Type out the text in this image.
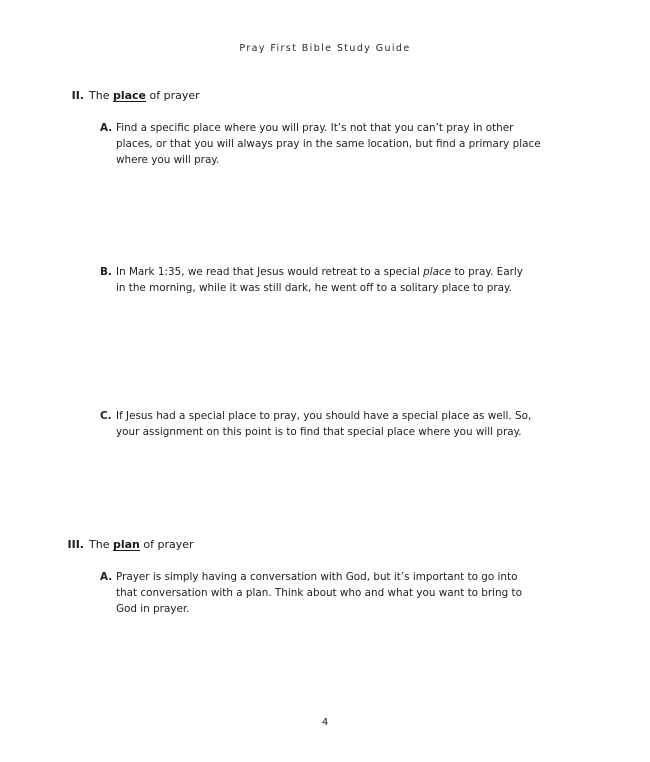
Pray First Bible Study Guide
II. The place of prayer
A. Find a specific place where you will pray. It’s not that you can’t pray in other
places, or that you will always pray in the same location, but find a primary place
where you will pray.
B. In Mark 1:35, we read that Jesus would retreat to a special place to pray. Early
in the morning, while it was still dark, he went off to a solitary place to pray.
C. If Jesus had a special place to pray, you should have a special place as well. So,
your assignment on this point is to find that special place where you will pray.
III. The plan of prayer
A. Prayer is simply having a conversation with God, but it’s important to go into
that conversation with a plan. Think about who and what you want to bring to
God in prayer.
4
